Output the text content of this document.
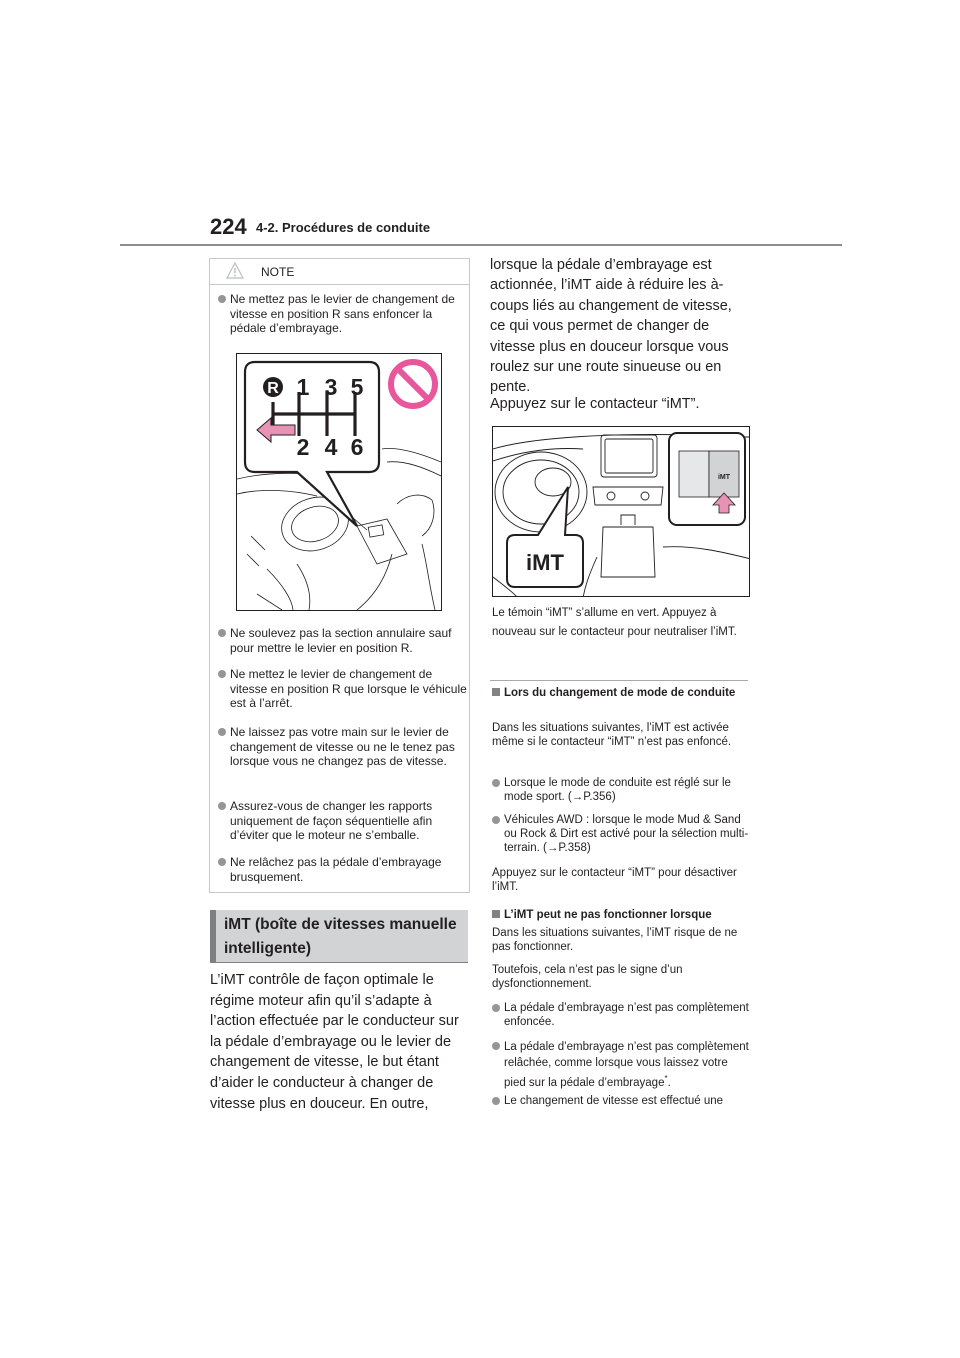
224 4-2. Procédures de conduite
NOTE
Ne mettez pas le levier de changement de vitesse en position R sans enfoncer la pédale d’embrayage.
R 1 3 5
2 4 6
Ne soulevez pas la section annulaire sauf pour mettre le levier en position R.
Ne mettez le levier de changement de vitesse en position R que lorsque le véhicule est à l’arrêt.
Ne laissez pas votre main sur le levier de changement de vitesse ou ne le tenez pas lorsque vous ne changez pas de vitesse.
Assurez-vous de changer les rapports uniquement de façon séquentielle afin d’éviter que le moteur ne s’emballe.
Ne relâchez pas la pédale d’embrayage brusquement.
iMT (boîte de vitesses manuelle intelligente)
L’iMT contrôle de façon optimale le régime moteur afin qu’il s’adapte à l’action effectuée par le conducteur sur la pédale d’embrayage ou le levier de changement de vitesse, le but étant d’aider le conducteur à changer de vitesse plus en douceur. En outre,
lorsque la pédale d’embrayage est actionnée, l’iMT aide à réduire les à-coups liés au changement de vitesse, ce qui vous permet de changer de vitesse plus en douceur lorsque vous roulez sur une route sinueuse ou en pente.
Appuyez sur le contacteur “iMT”.
iMT
iMT
Le témoin “iMT” s’allume en vert. Appuyez à nouveau sur le contacteur pour neutraliser l’iMT.
Lors du changement de mode de conduite
Dans les situations suivantes, l’iMT est activée même si le contacteur “iMT” n’est pas enfoncé.
Lorsque le mode de conduite est réglé sur le mode sport. (→P.356)
Véhicules AWD : lorsque le mode Mud & Sand ou Rock & Dirt est activé pour la sélection multi-terrain. (→P.358)
Appuyez sur le contacteur “iMT” pour désactiver l’iMT.
L’iMT peut ne pas fonctionner lorsque
Dans les situations suivantes, l’iMT risque de ne pas fonctionner.
Toutefois, cela n’est pas le signe d’un dysfonctionnement.
La pédale d’embrayage n’est pas complètement enfoncée.
La pédale d’embrayage n’est pas complètement relâchée, comme lorsque vous laissez votre pied sur la pédale d’embrayage*.
Le changement de vitesse est effectué une
